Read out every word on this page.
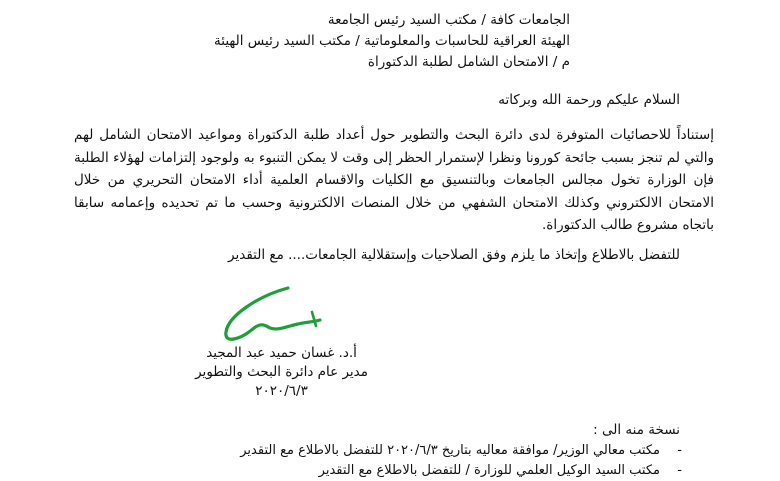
الجامعات كافة / مكتب السيد رئيس الجامعة
الهيئة العراقية للحاسبات والمعلوماتية / مكتب السيد رئيس الهيئة
م / الامتحان الشامل لطلبة الدكتوراة
السلام عليكم ورحمة الله وبركاته
إستناداً للاحصائيات المتوفرة لدى دائرة البحث والتطوير حول أعداد طلبة الدكتوراة ومواعيد الامتحان الشامل لهم والتي لم تنجز بسبب جائحة كورونا ونظرا لإستمرار الحظر إلى وقت لا يمكن التنبوء به ولوجود إلتزامات لهؤلاء الطلبة فإن الوزارة تخول مجالس الجامعات وبالتنسيق مع الكليات والاقسام العلمية أداء الامتحان التحريري من خلال الامتحان الالكتروني وكذلك الامتحان الشفهي من خلال المنصات الالكترونية وحسب ما تم تحديده وإعمامه سابقا باتجاه مشروع طالب الدكتوراة.
للتفضل بالاطلاع وإتخاذ ما يلزم وفق الصلاحيات وإستقلالية الجامعات.... مع التقدير
أ.د. غسان حميد عبد المجيد
مدير عام دائرة البحث والتطوير
٢٠٢٠/٦/٣
نسخة منه الى :
-
مكتب معالي الوزير/ موافقة معاليه بتاريخ ٢٠٢٠/٦/٣ للتفضل بالاطلاع مع التقدير
-
مكتب السيد الوكيل العلمي للوزارة / للتفضل بالاطلاع مع التقدير
